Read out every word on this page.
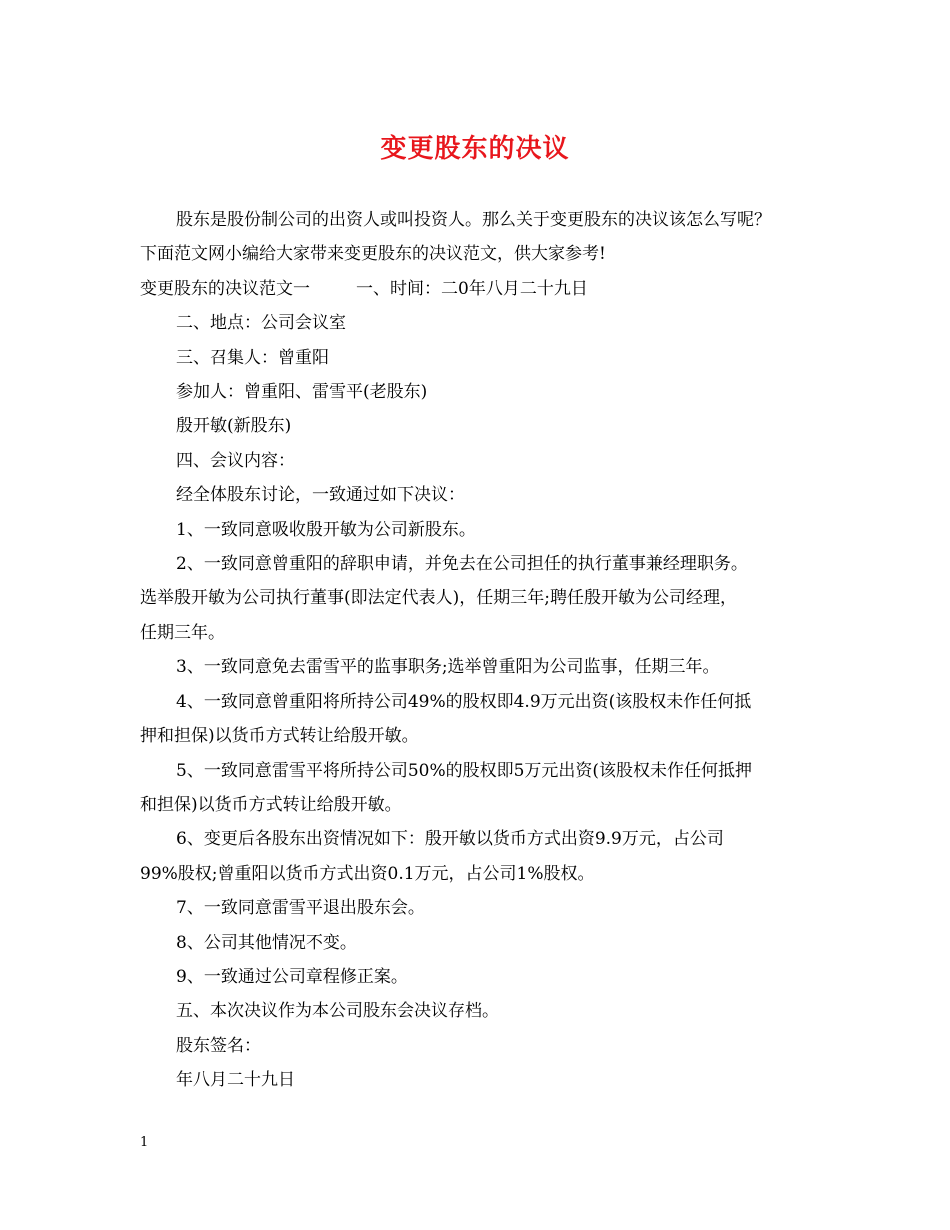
变更股东的决议

股东是股份制公司的出资人或叫投资人。那么关于变更股东的决议该怎么写呢？

下面范文网小编给大家带来变更股东的决议范文，供大家参考!

变更股东的决议范文一	一、时间：二0年八月二十九日

二、地点：公司会议室

三、召集人：曾重阳

参加人：曾重阳、雷雪平(老股东)

殷开敏(新股东)

四、会议内容：

经全体股东讨论，一致通过如下决议：

1、一致同意吸收殷开敏为公司新股东。

2、一致同意曾重阳的辞职申请，并免去在公司担任的执行董事兼经理职务。

选举殷开敏为公司执行董事(即法定代表人)，任期三年;聘任殷开敏为公司经理，

任期三年。

3、一致同意免去雷雪平的监事职务;选举曾重阳为公司监事，任期三年。

4、一致同意曾重阳将所持公司49%的股权即4.9万元出资(该股权未作任何抵

押和担保)以货币方式转让给殷开敏。

5、一致同意雷雪平将所持公司50%的股权即5万元出资(该股权未作任何抵押

和担保)以货币方式转让给殷开敏。

6、变更后各股东出资情况如下：殷开敏以货币方式出资9.9万元，占公司

99%股权;曾重阳以货币方式出资0.1万元，占公司1%股权。

7、一致同意雷雪平退出股东会。

8、公司其他情况不变。

9、一致通过公司章程修正案。

五、本次决议作为本公司股东会决议存档。

股东签名：

年八月二十九日

1
